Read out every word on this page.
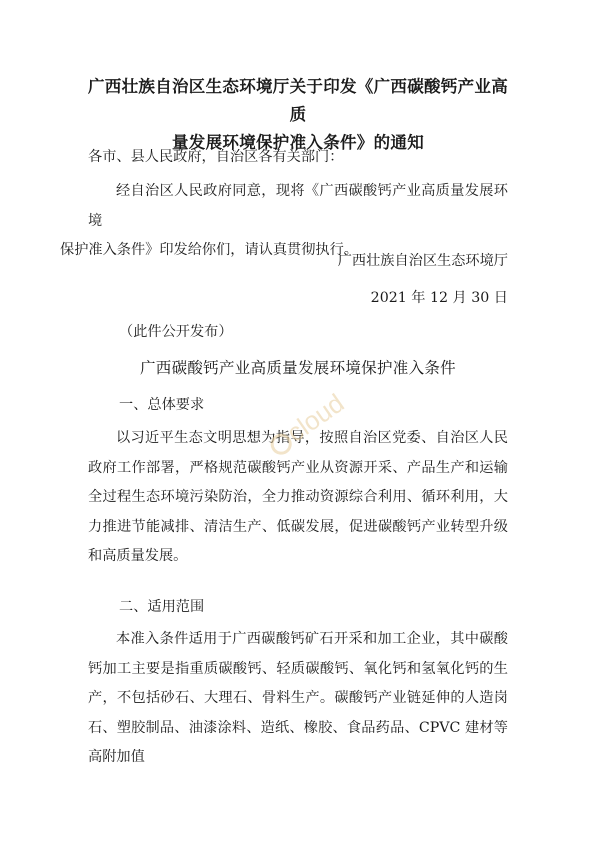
广西壮族自治区生态环境厅关于印发《广西碳酸钙产业高质
量发展环境保护准入条件》的通知
各市、县人民政府，自治区各有关部门：
经自治区人民政府同意，现将《广西碳酸钙产业高质量发展环境
保护准入条件》印发给你们，请认真贯彻执行。
广西壮族自治区生态环境厅
2021 年 12 月 30 日
（此件公开发布）
广西碳酸钙产业高质量发展环境保护准入条件
一、总体要求
以习近平生态文明思想为指导，按照自治区党委、自治区人民政府工作部署，严格规范碳酸钙产业从资源开采、产品生产和运输全过程生态环境污染防治，全力推动资源综合利用、循环利用，大力推进节能减排、清洁生产、低碳发展，促进碳酸钙产业转型升级和高质量发展。
二、适用范围
本准入条件适用于广西碳酸钙矿石开采和加工企业，其中碳酸钙加工主要是指重质碳酸钙、轻质碳酸钙、氧化钙和氢氧化钙的生产，不包括砂石、大理石、骨料生产。碳酸钙产业链延伸的人造岗石、塑胶制品、油漆涂料、造纸、橡胶、食品药品、CPVC 建材等高附加值
cloud
